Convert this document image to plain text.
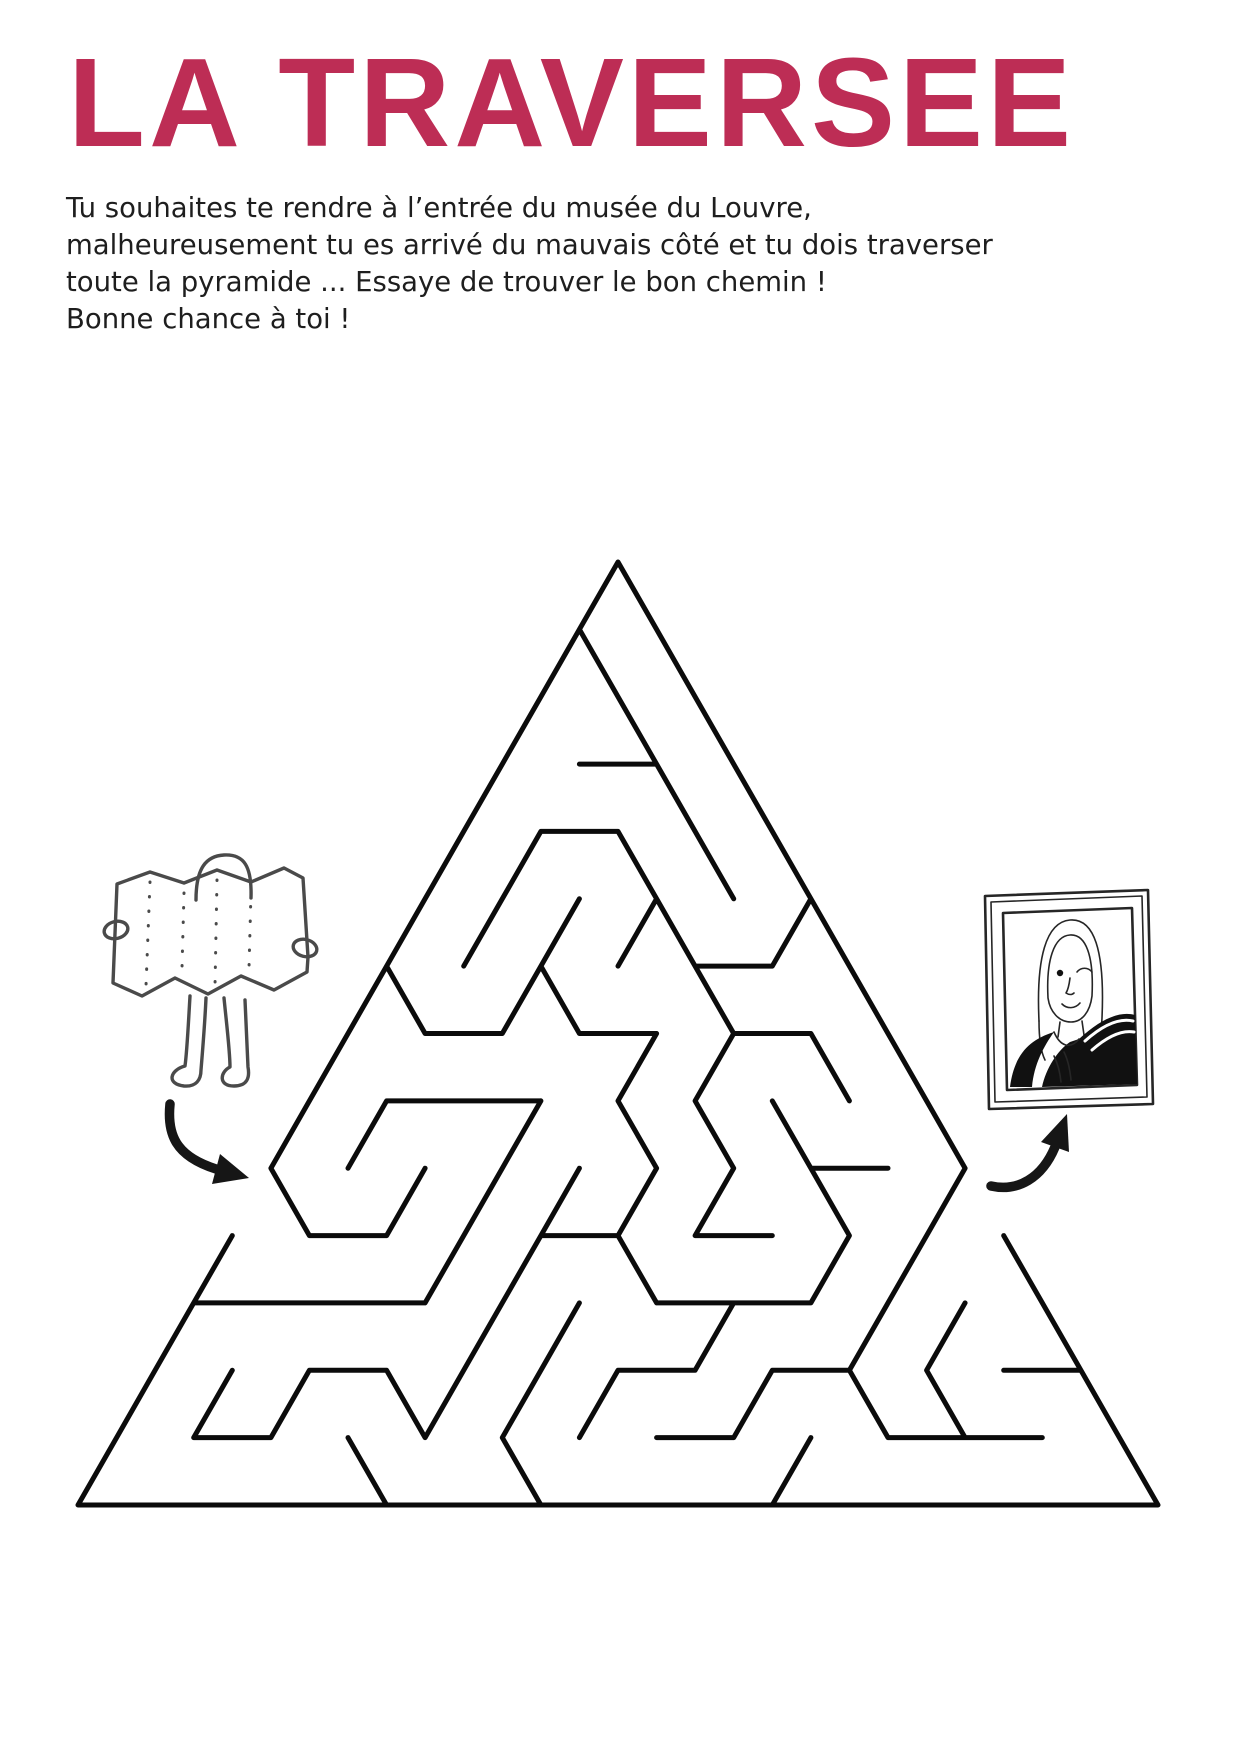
LA TRAVERSEE
Tu souhaites te rendre à l’entrée du musée du Louvre,
malheureusement tu es arrivé du mauvais côté et tu dois traverser
toute la pyramide ... Essaye de trouver le bon chemin !
Bonne chance à toi !
